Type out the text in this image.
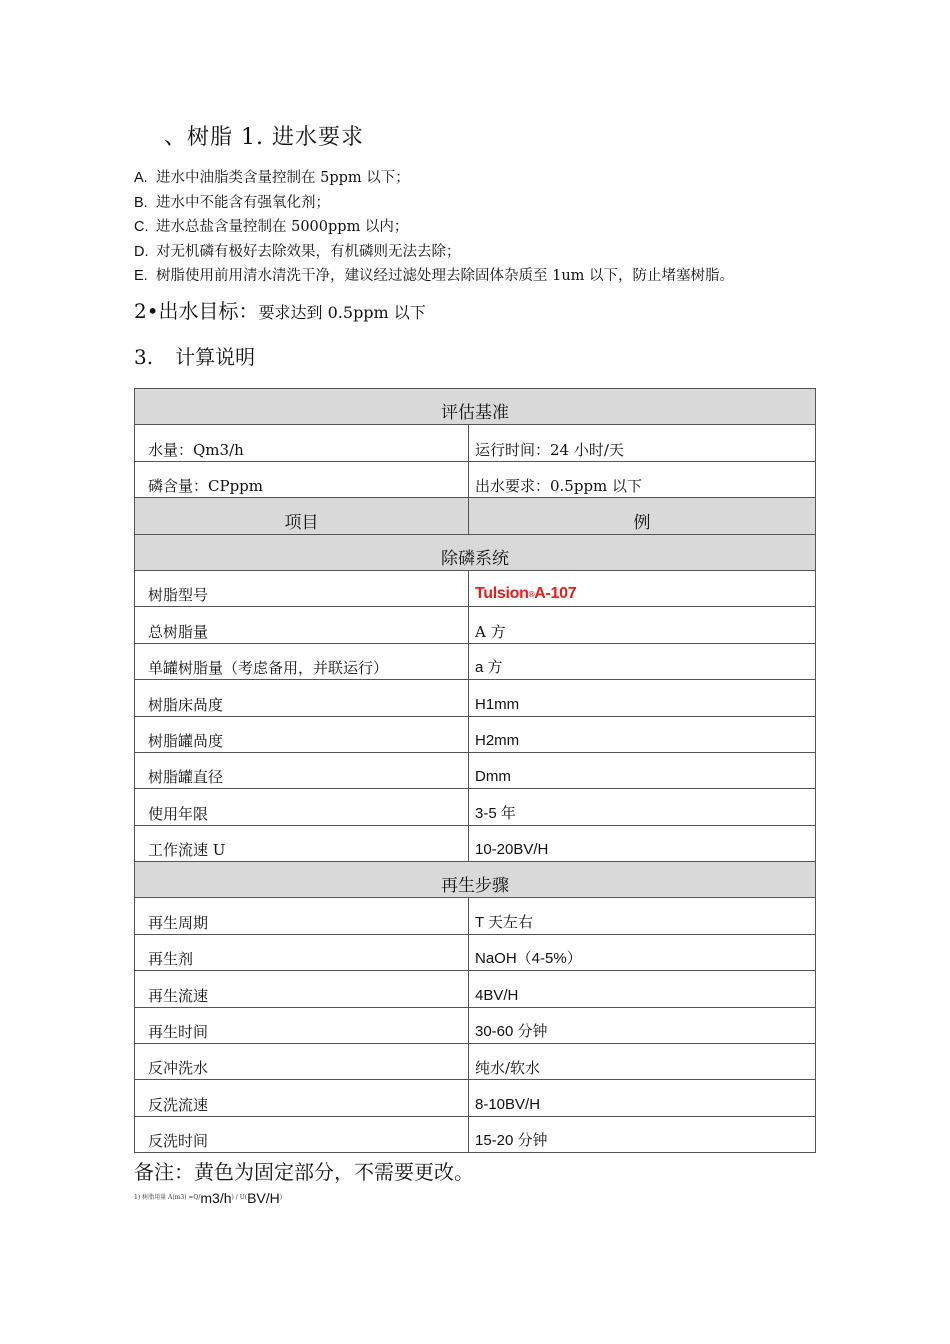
、树脂 1. 进水要求
A. 进水中油脂类含量控制在 5ppm 以下；
B. 进水中不能含有强氧化剂；
C. 进水总盐含量控制在 5000ppm 以内；
D. 对无机磷有极好去除效果，有机磷则无法去除；
E. 树脂使用前用清水清洗干净，建议经过滤处理去除固体杂质至 1um 以下，防止堵塞树脂。
2•出水目标：要求达到 0.5ppm 以下
3. 计算说明
评估基准	

水量：Qm3/h	运行时间：24 小时/天

磷含量：CPppm	出水要求：0.5ppm 以下

项目	例

除磷系统	

树脂型号	Tulsion®A-107

总树脂量	A 方

单罐树脂量（考虑备用，并联运行）	a 方

树脂床咼度	H1mm

树脂罐咼度	H2mm

树脂罐直径	Dmm

使用年限	3-5 年

工作流速 U	10-20BV/H

再生步骤	

再生周期	T 天左右

再生剂	NaOH（4-5%）

再生流速	4BV/H

再生时间	30-60 分钟

反冲洗水	纯水/软水

反洗流速	8-10BV/H

反洗时间	15-20 分钟
备注：黄色为固定部分，不需要更改。
$^{1) 树脂用量 A(m3) =Q/}m3/h^{) / U(}BV/H^)$
